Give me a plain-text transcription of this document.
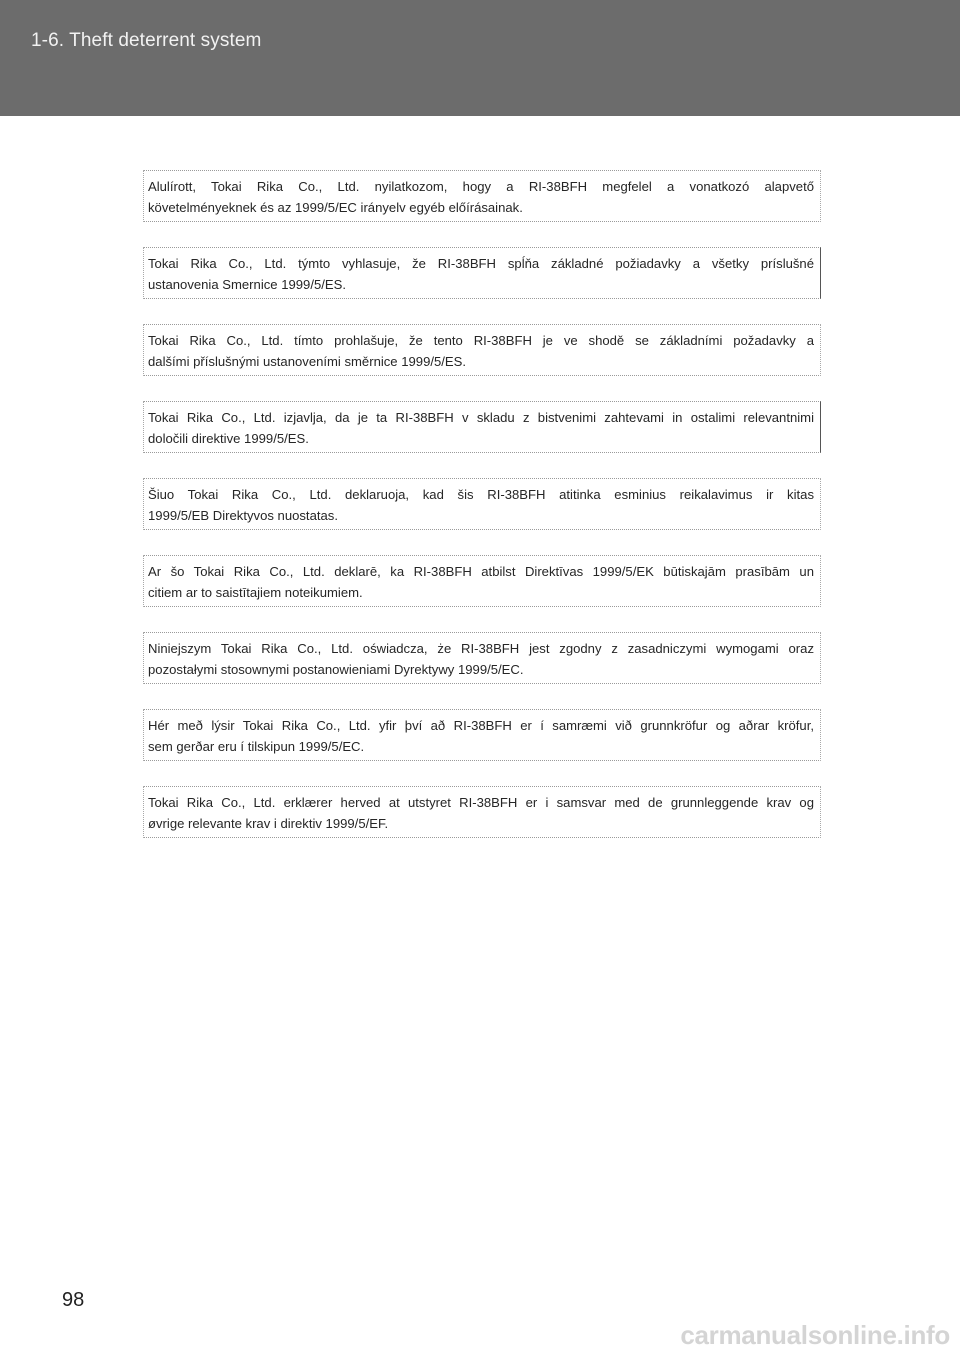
1-6. Theft deterrent system
Alulírott, Tokai Rika Co., Ltd. nyilatkozom, hogy a RI-38BFH megfelel a vonatkozó alapvető
követelményeknek és az 1999/5/EC irányelv egyéb előírásainak.
Tokai Rika Co., Ltd. týmto vyhlasuje, že RI-38BFH spĺňa základné požiadavky a všetky príslušné
ustanovenia Smernice 1999/5/ES.
Tokai Rika Co., Ltd. tímto prohlašuje, že tento RI-38BFH je ve shodě se základními požadavky a
dalšími příslušnými ustanoveními směrnice 1999/5/ES.
Tokai Rika Co., Ltd. izjavlja, da je ta RI-38BFH v skladu z bistvenimi zahtevami in ostalimi relevantnimi
določili direktive 1999/5/ES.
Šiuo Tokai Rika Co., Ltd. deklaruoja, kad šis RI-38BFH atitinka esminius reikalavimus ir kitas
1999/5/EB Direktyvos nuostatas.
Ar šo Tokai Rika Co., Ltd. deklarē, ka RI-38BFH atbilst Direktīvas 1999/5/EK būtiskajām prasībām un
citiem ar to saistītajiem noteikumiem.
Niniejszym Tokai Rika Co., Ltd. oświadcza, że RI-38BFH jest zgodny z zasadniczymi wymogami oraz
pozostałymi stosownymi postanowieniami Dyrektywy 1999/5/EC.
Hér með lýsir Tokai Rika Co., Ltd. yfir því að RI-38BFH er í samræmi við grunnkröfur og aðrar kröfur,
sem gerðar eru í tilskipun 1999/5/EC.
Tokai Rika Co., Ltd. erklærer herved at utstyret RI-38BFH er i samsvar med de grunnleggende krav og
øvrige relevante krav i direktiv 1999/5/EF.
98
carmanualsonline.info
